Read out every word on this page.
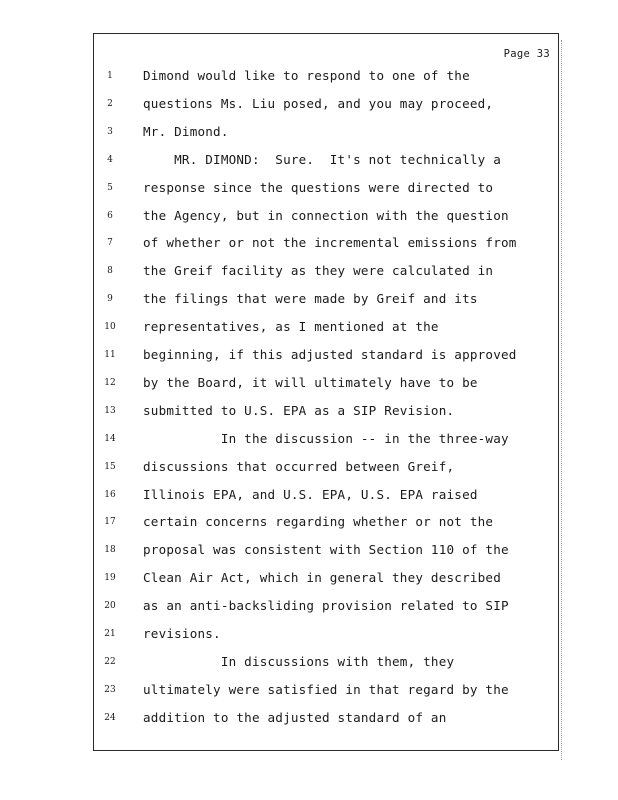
Page 33
1	Dimond would like to respond to one of the
2	questions Ms. Liu posed, and you may proceed,
3	Mr. Dimond.
4	MR. DIMOND:  Sure.  It's not technically a
5	response since the questions were directed to
6	the Agency, but in connection with the question
7	of whether or not the incremental emissions from
8	the Greif facility as they were calculated in
9	the filings that were made by Greif and its
10 representatives, as I mentioned at the
11 beginning, if this adjusted standard is approved
12 by the Board, it will ultimately have to be
13 submitted to U.S. EPA as a SIP Revision.
14 In the discussion -- in the three-way
15 discussions that occurred between Greif,
16 Illinois EPA, and U.S. EPA, U.S. EPA raised
17 certain concerns regarding whether or not the
18 proposal was consistent with Section 110 of the
19 Clean Air Act, which in general they described
20 as an anti-backsliding provision related to SIP
21 revisions.
22 In discussions with them, they
23 ultimately were satisfied in that regard by the
24 addition to the adjusted standard of an
